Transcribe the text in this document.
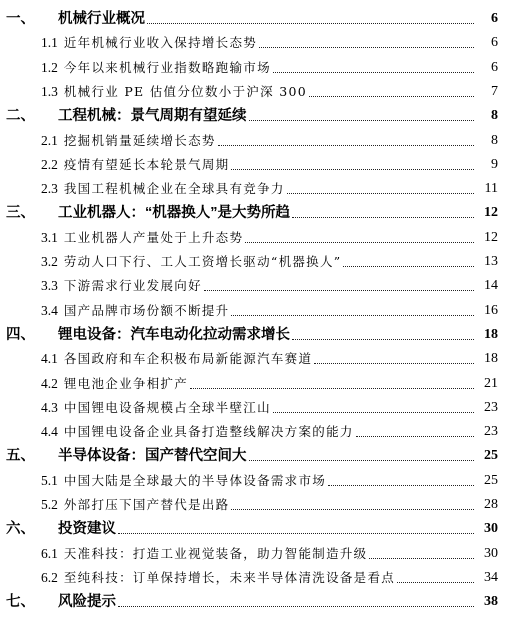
一、	机械行业概况	6
1.1 近年机械行业收入保持增长态势	6
1.2 今年以来机械行业指数略跑输市场	6
1.3 机械行业 PE 估值分位数小于沪深 300	7
二、	工程机械：景气周期有望延续	8
2.1 挖掘机销量延续增长态势	8
2.2 疫情有望延长本轮景气周期	9
2.3 我国工程机械企业在全球具有竞争力	11
三、	工业机器人：“机器换人”是大势所趋	12
3.1 工业机器人产量处于上升态势	12
3.2 劳动人口下行、工人工资增长驱动“机器换人”	13
3.3 下游需求行业发展向好	14
3.4 国产品牌市场份额不断提升	16
四、	锂电设备：汽车电动化拉动需求增长	18
4.1 各国政府和车企积极布局新能源汽车赛道	18
4.2 锂电池企业争相扩产	21
4.3 中国锂电设备规模占全球半壁江山	23
4.4 中国锂电设备企业具备打造整线解决方案的能力	23
五、	半导体设备：国产替代空间大	25
5.1 中国大陆是全球最大的半导体设备需求市场	25
5.2 外部打压下国产替代是出路	28
六、	投资建议	30
6.1 天准科技：打造工业视觉装备，助力智能制造升级	30
6.2 至纯科技：订单保持增长，未来半导体清洗设备是看点	34
七、	风险提示	38
